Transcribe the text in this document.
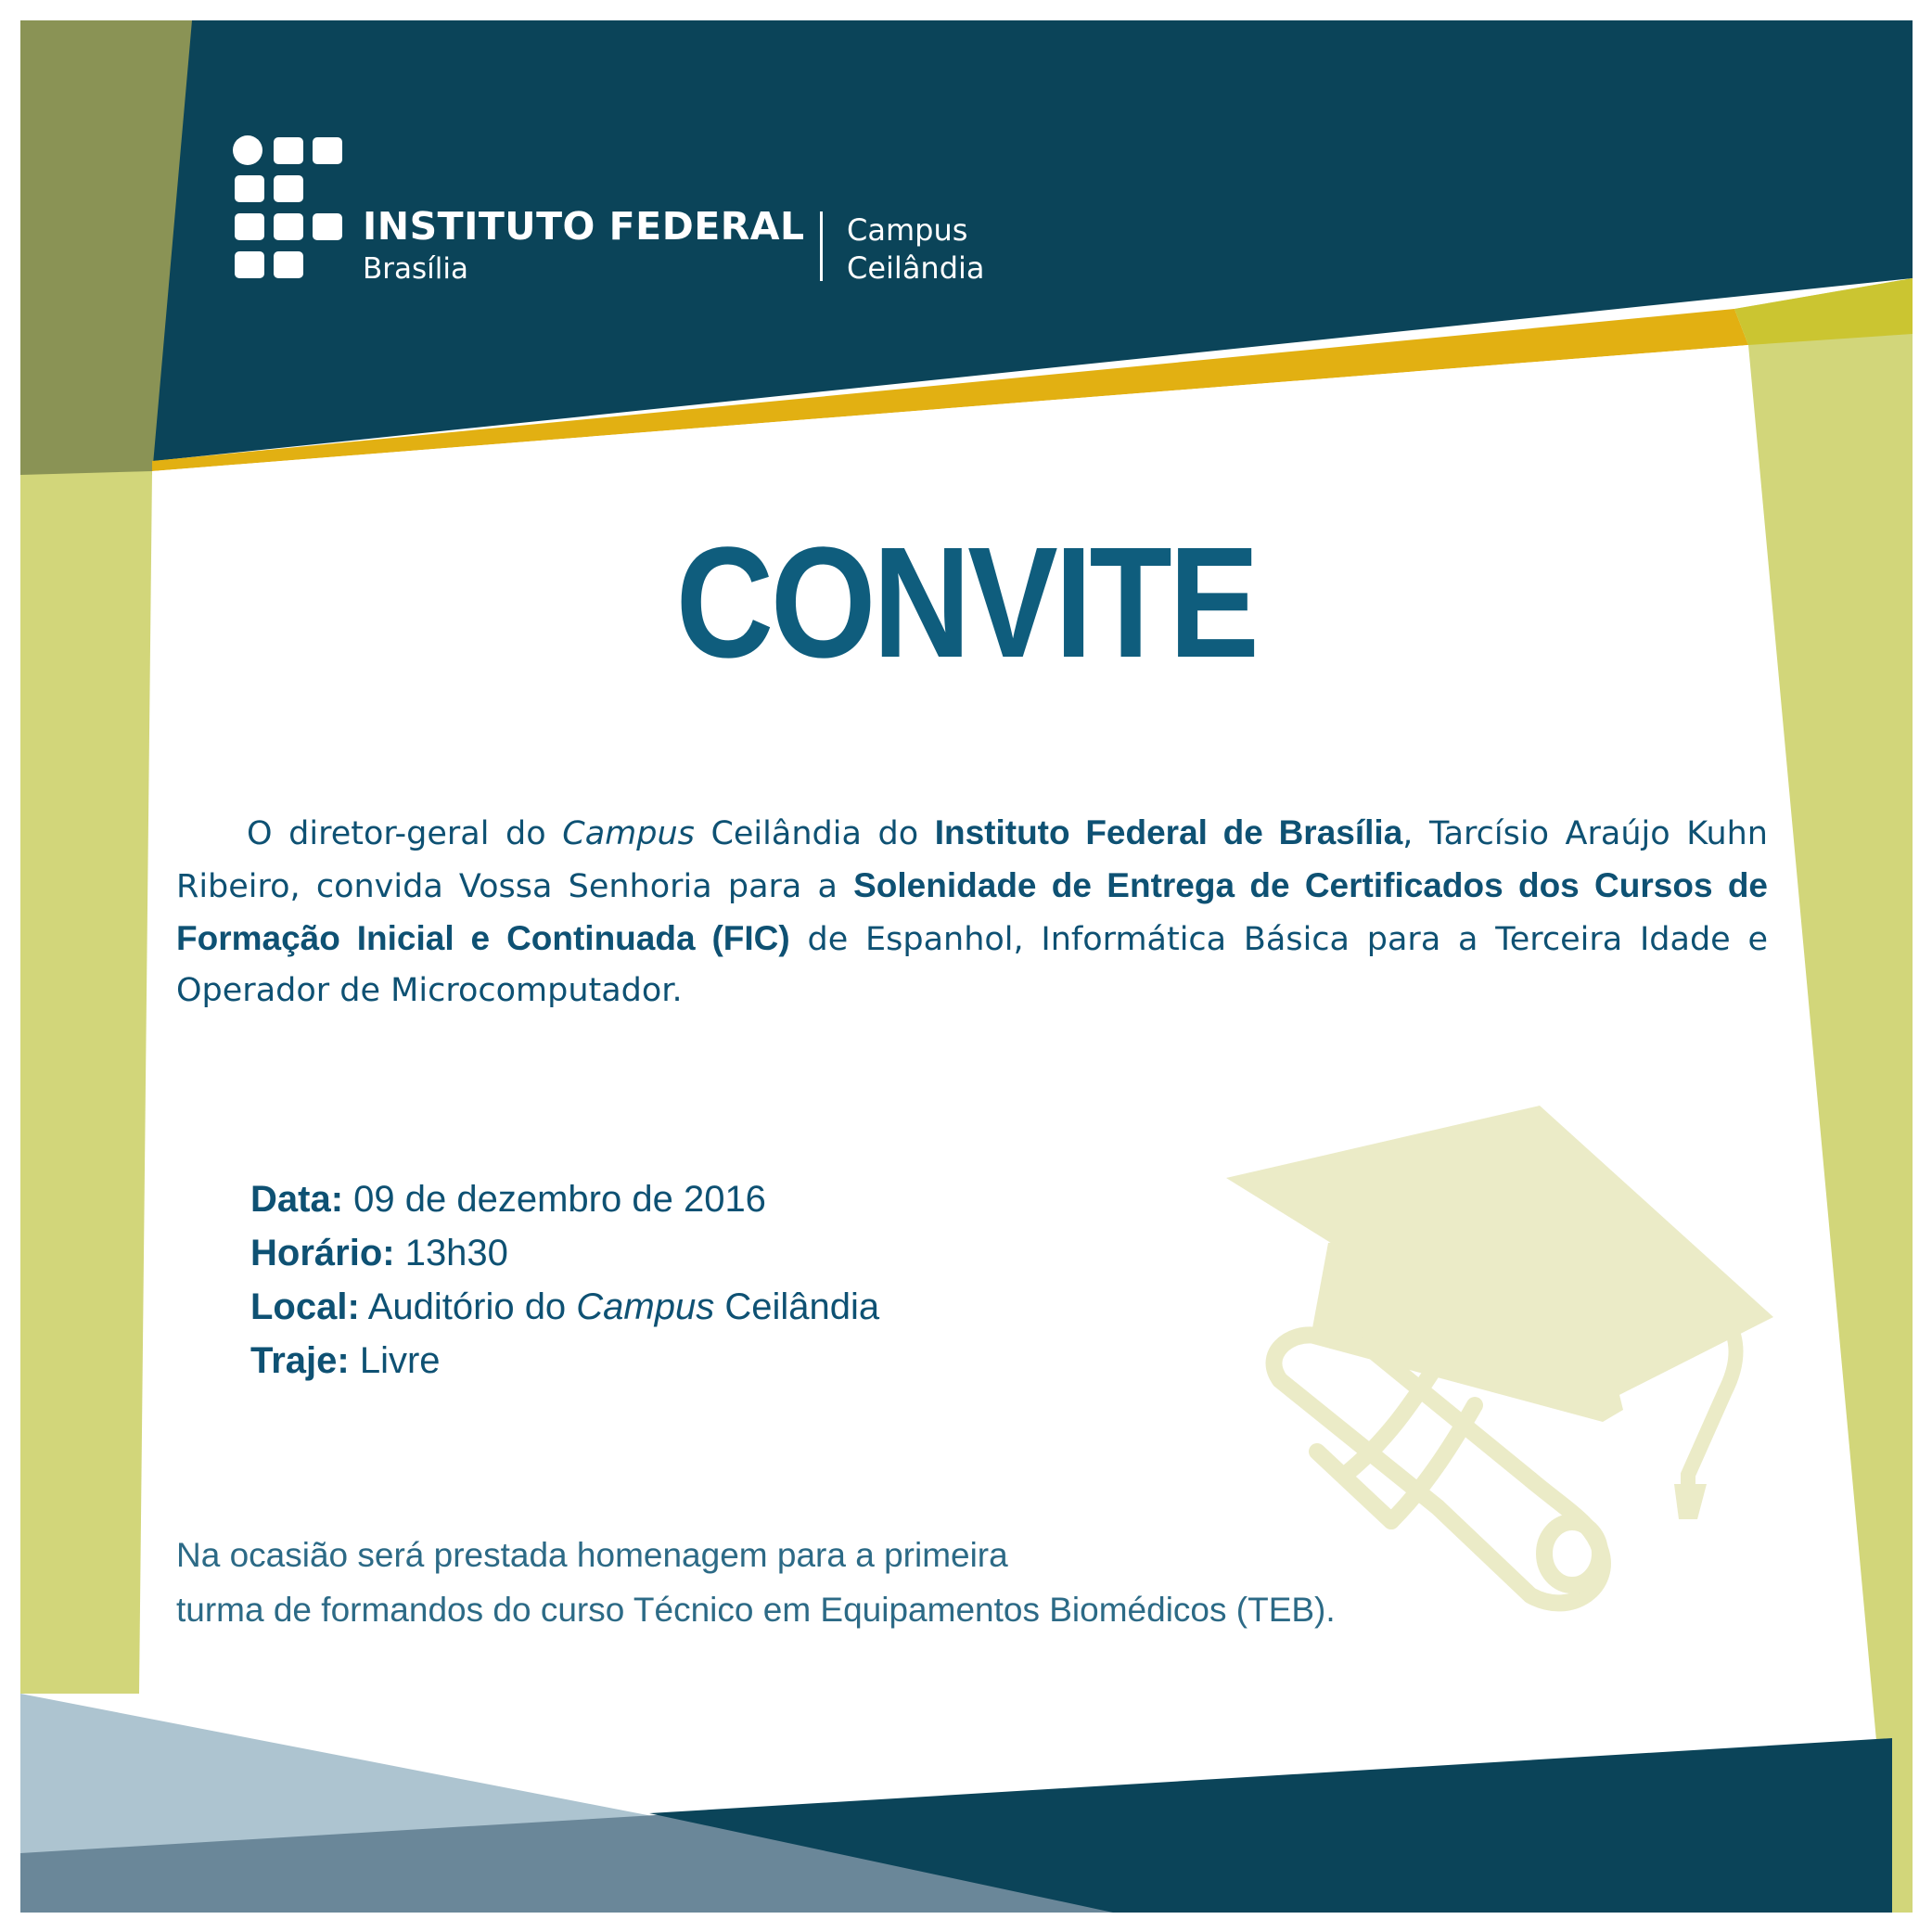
INSTITUTO FEDERAL
Brasília
Campus
Ceilândia
CONVITE
O diretor-geral do Campus Ceilândia do Instituto Federal de Brasília, Tarcísio Araújo Kuhn Ribeiro, convida Vossa Senhoria para a Solenidade de Entrega de Certificados dos Cursos de Formação Inicial e Continuada (FIC) de Espanhol, Informática Básica para a Terceira Idade e Operador de Microcomputador.
Data: 09 de dezembro de 2016
Horário: 13h30
Local: Auditório do Campus Ceilândia
Traje: Livre
Na ocasião será prestada homenagem para a primeira
turma de formandos do curso Técnico em Equipamentos Biomédicos (TEB).
